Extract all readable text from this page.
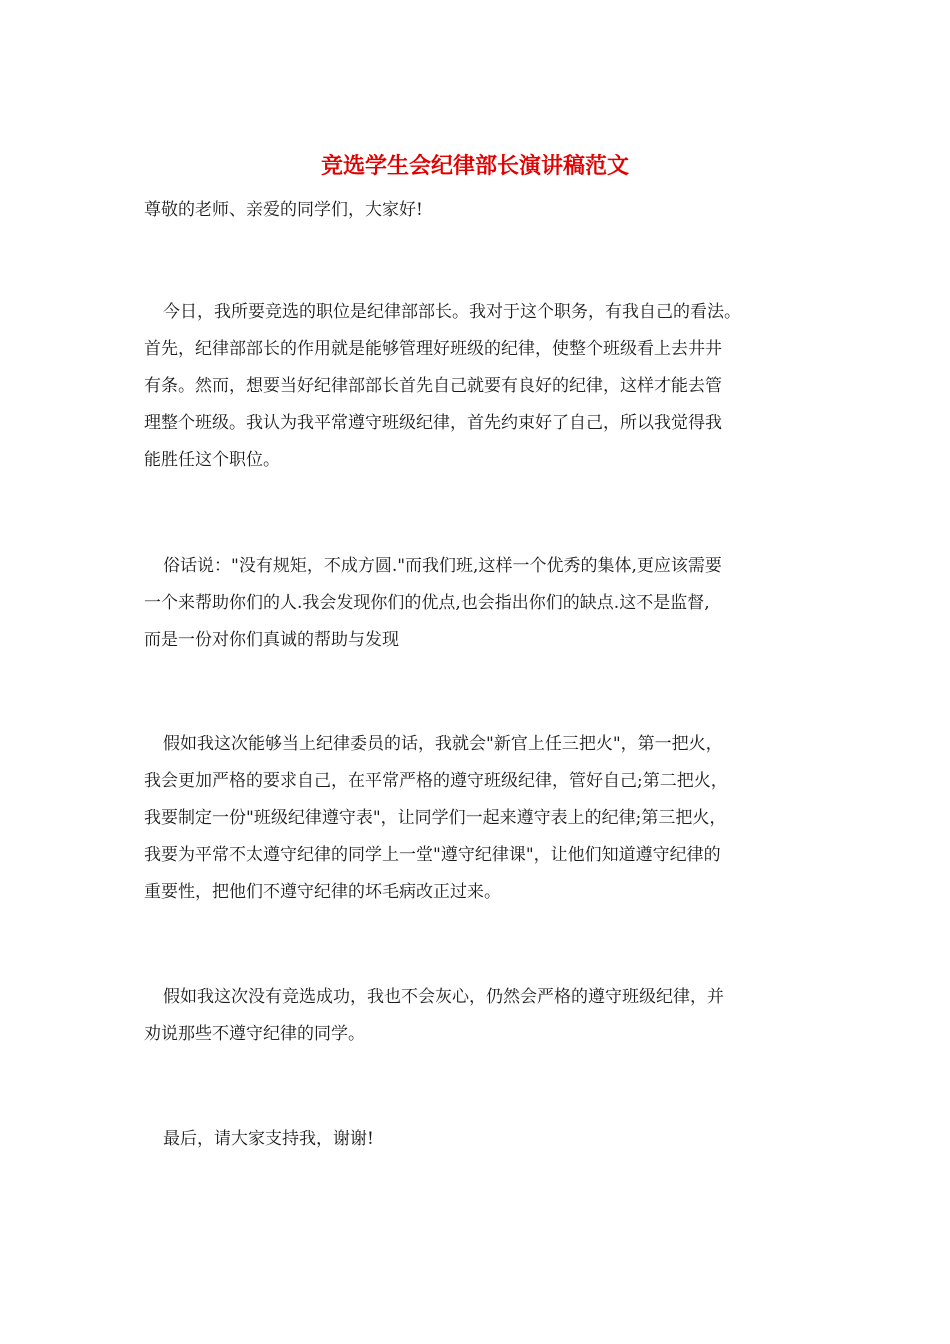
竞选学生会纪律部长演讲稿范文

尊敬的老师、亲爱的同学们，大家好!

今日，我所要竞选的职位是纪律部部长。我对于这个职务，有我自己的看法。
首先，纪律部部长的作用就是能够管理好班级的纪律，使整个班级看上去井井
有条。然而，想要当好纪律部部长首先自己就要有良好的纪律，这样才能去管
理整个班级。我认为我平常遵守班级纪律，首先约束好了自己，所以我觉得我
能胜任这个职位。

俗话说："没有规矩，不成方圆."而我们班,这样一个优秀的集体,更应该需要
一个来帮助你们的人.我会发现你们的优点,也会指出你们的缺点.这不是监督,
而是一份对你们真诚的帮助与发现

假如我这次能够当上纪律委员的话，我就会"新官上任三把火"，第一把火，
我会更加严格的要求自己，在平常严格的遵守班级纪律，管好自己;第二把火，
我要制定一份"班级纪律遵守表"，让同学们一起来遵守表上的纪律;第三把火，
我要为平常不太遵守纪律的同学上一堂"遵守纪律课"，让他们知道遵守纪律的
重要性，把他们不遵守纪律的坏毛病改正过来。

假如我这次没有竞选成功，我也不会灰心，仍然会严格的遵守班级纪律，并
劝说那些不遵守纪律的同学。

最后，请大家支持我，谢谢!
